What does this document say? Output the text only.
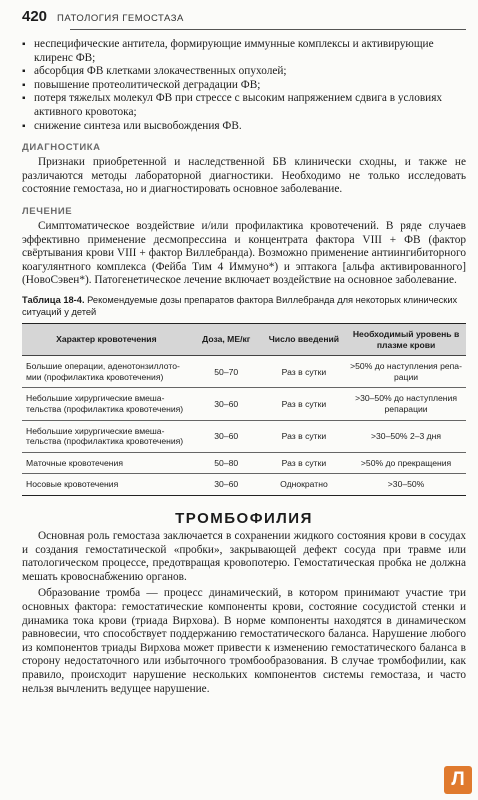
420 ПАТОЛОГИЯ ГЕМОСТАЗА
▪ неспецифические антитела, формирующие иммунные комплексы и активирующие клиренс ФВ;
▪ абсорбция ФВ клетками злокачественных опухолей;
▪ повышение протеолитической деградации ФВ;
▪ потеря тяжелых молекул ФВ при стрессе с высоким напряжением сдвига в условиях активного кровотока;
▪ снижение синтеза или высвобождения ФВ.
ДИАГНОСТИКА

Признаки приобретенной и наследственной БВ клинически сходны, и также не различаются методы лабораторной диагностики. Необходимо не только исследовать состояние гемостаза, но и диагностировать основное заболевание.

ЛЕЧЕНИЕ

Симптоматическое воздействие и/или профилактика кровотечений. В ряде случаев эффективно применение десмопрессина и концентрата фактора VIII + ФВ (фактор свёртывания крови VIII + фактор Виллебранда). Возможно применение антиингибиторного коагулянтного комплекса (Фейба Тим 4 Иммуно*) и эптакога [альфа активированного] (НовоСэвен*). Патогенетическое лечение включает воздействие на основное заболевание.

Таблица 18-4. Рекомендуемые дозы препаратов фактора Виллебранда для некоторых клинических ситуаций у детей
Характер кровотечения	Доза, МЕ/кг	Число введений	Необходимый уровень в плазме крови
Большие операции, аденотонзиллотомии (профилактика кровотечения)	50–70	Раз в сутки	>50% до наступления репарации
Небольшие хирургические вмешательства (профилактика кровотечения)	30–60	Раз в сутки	>30–50% до наступления репарации
Небольшие хирургические вмешательства (профилактика кровотечения)	30–60	Раз в сутки	>30–50% 2–3 дня
Маточные кровотечения	50–80	Раз в сутки	>50% до прекращения
Носовые кровотечения	30–60	Однократно	>30–50%
ТРОМБОФИЛИЯ

Основная роль гемостаза заключается в сохранении жидкого состояния крови в сосудах и создания гемостатической «пробки», закрывающей дефект сосуда при травме или патологическом процессе, предотвращая кровопотерю. Гемостатическая пробка не должна мешать кровоснабжению органов.

Образование тромба — процесс динамический, в котором принимают участие три основных фактора: гемостатические компоненты крови, состояние сосудистой стенки и динамика тока крови (триада Вирхова). В норме компоненты находятся в динамическом равновесии, что способствует поддержанию гемостатического баланса. Нарушение любого из компонентов триады Вирхова может привести к изменению гемостатического баланса в сторону недостаточного или избыточного тромбообразования. В случае тромбофилии, как правило, происходит нарушение нескольких компонентов системы гемостаза, и часто нельзя вычленить ведущее нарушение.

Л
